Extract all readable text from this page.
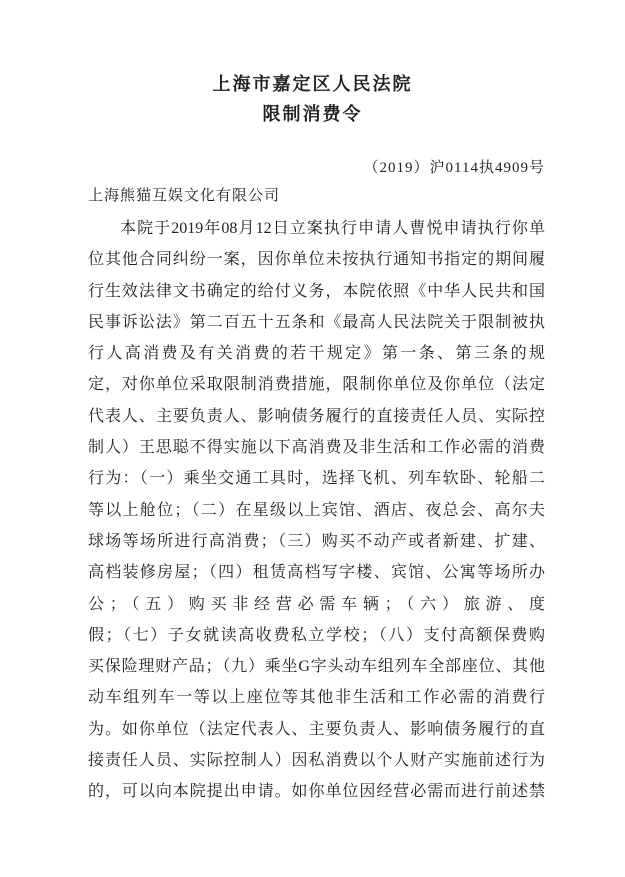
上海市嘉定区人民法院
限制消费令
（2019）沪0114执4909号
上海熊猫互娱文化有限公司
本院于2019年08月12日立案执行申请人曹悦申请执行你单
位其他合同纠纷一案，因你单位未按执行通知书指定的期间履
行生效法律文书确定的给付义务，本院依照《中华人民共和国
民事诉讼法》第二百五十五条和《最高人民法院关于限制被执
行人高消费及有关消费的若干规定》第一条、第三条的规
定，对你单位采取限制消费措施，限制你单位及你单位（法定
代表人、主要负责人、影响债务履行的直接责任人员、实际控
制人）王思聪不得实施以下高消费及非生活和工作必需的消费
行为：（一）乘坐交通工具时，选择飞机、列车软卧、轮船二
等以上舱位；（二）在星级以上宾馆、酒店、夜总会、高尔夫
球场等场所进行高消费；（三）购买不动产或者新建、扩建、
高档装修房屋；（四）租赁高档写字楼、宾馆、公寓等场所办
公；（五）购买非经营必需车辆；（六）旅游、度
假；（七）子女就读高收费私立学校；（八）支付高额保费购
买保险理财产品；（九）乘坐G字头动车组列车全部座位、其他
动车组列车一等以上座位等其他非生活和工作必需的消费行
为。如你单位（法定代表人、主要负责人、影响债务履行的直
接责任人员、实际控制人）因私消费以个人财产实施前述行为
的，可以向本院提出申请。如你单位因经营必需而进行前述禁
